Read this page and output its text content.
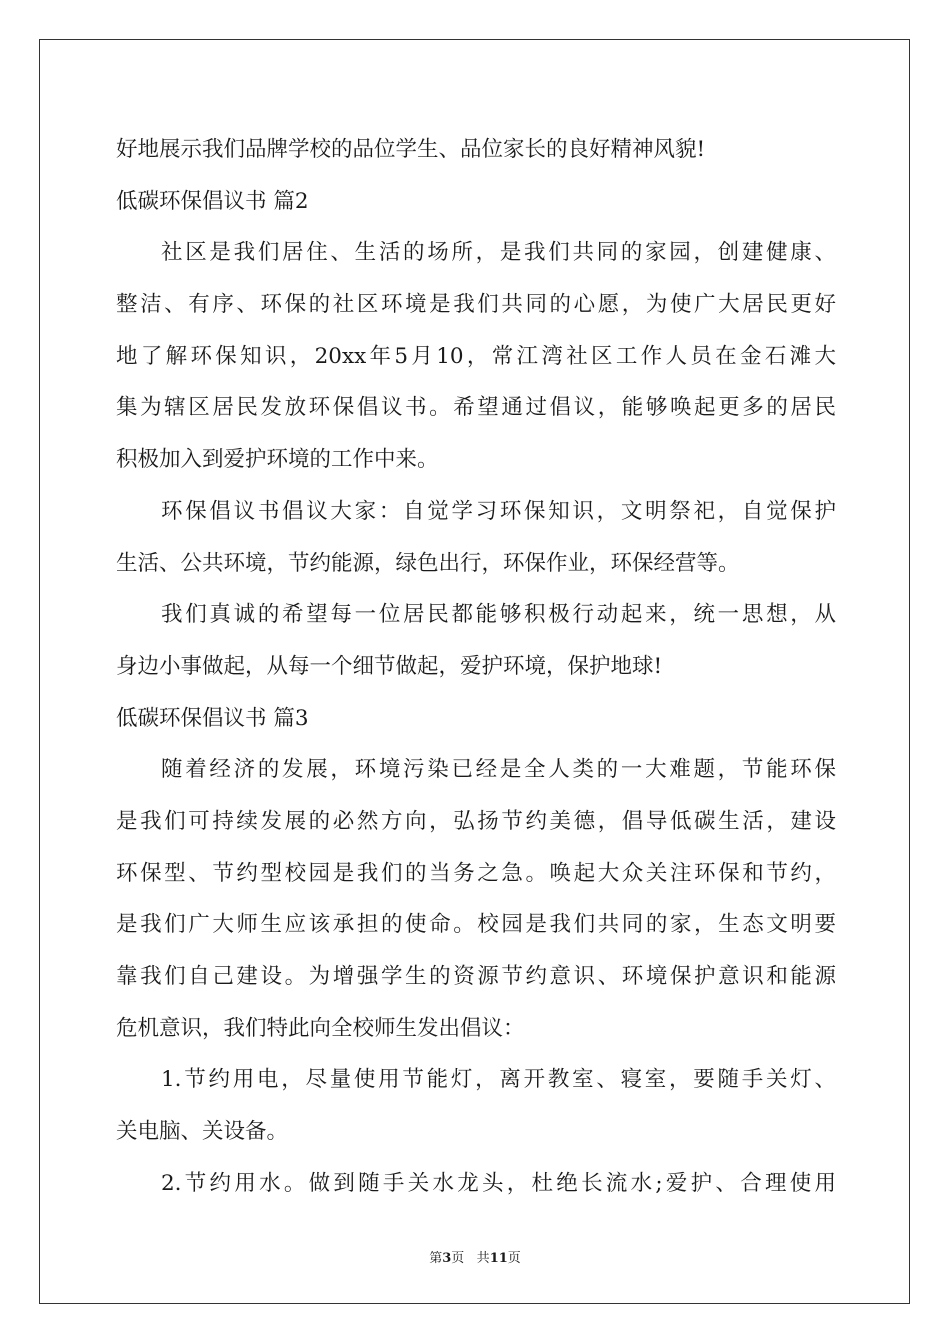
好地展示我们品牌学校的品位学生、品位家长的良好精神风貌!
低碳环保倡议书 篇2
社区是我们居住、生活的场所，是我们共同的家园，创建健康、
整洁、有序、环保的社区环境是我们共同的心愿，为使广大居民更好
地了解环保知识，20xx年5月10，常江湾社区工作人员在金石滩大
集为辖区居民发放环保倡议书。希望通过倡议，能够唤起更多的居民
积极加入到爱护环境的工作中来。
环保倡议书倡议大家：自觉学习环保知识，文明祭祀，自觉保护
生活、公共环境，节约能源，绿色出行，环保作业，环保经营等。
我们真诚的希望每一位居民都能够积极行动起来，统一思想，从
身边小事做起，从每一个细节做起，爱护环境，保护地球!
低碳环保倡议书 篇3
随着经济的发展，环境污染已经是全人类的一大难题，节能环保
是我们可持续发展的必然方向，弘扬节约美德，倡导低碳生活，建设
环保型、节约型校园是我们的当务之急。唤起大众关注环保和节约，
是我们广大师生应该承担的使命。校园是我们共同的家，生态文明要
靠我们自己建设。为增强学生的资源节约意识、环境保护意识和能源
危机意识，我们特此向全校师生发出倡议：
1.节约用电，尽量使用节能灯，离开教室、寝室，要随手关灯、
关电脑、关设备。
2.节约用水。做到随手关水龙头，杜绝长流水;爱护、合理使用
第3页 共11页
